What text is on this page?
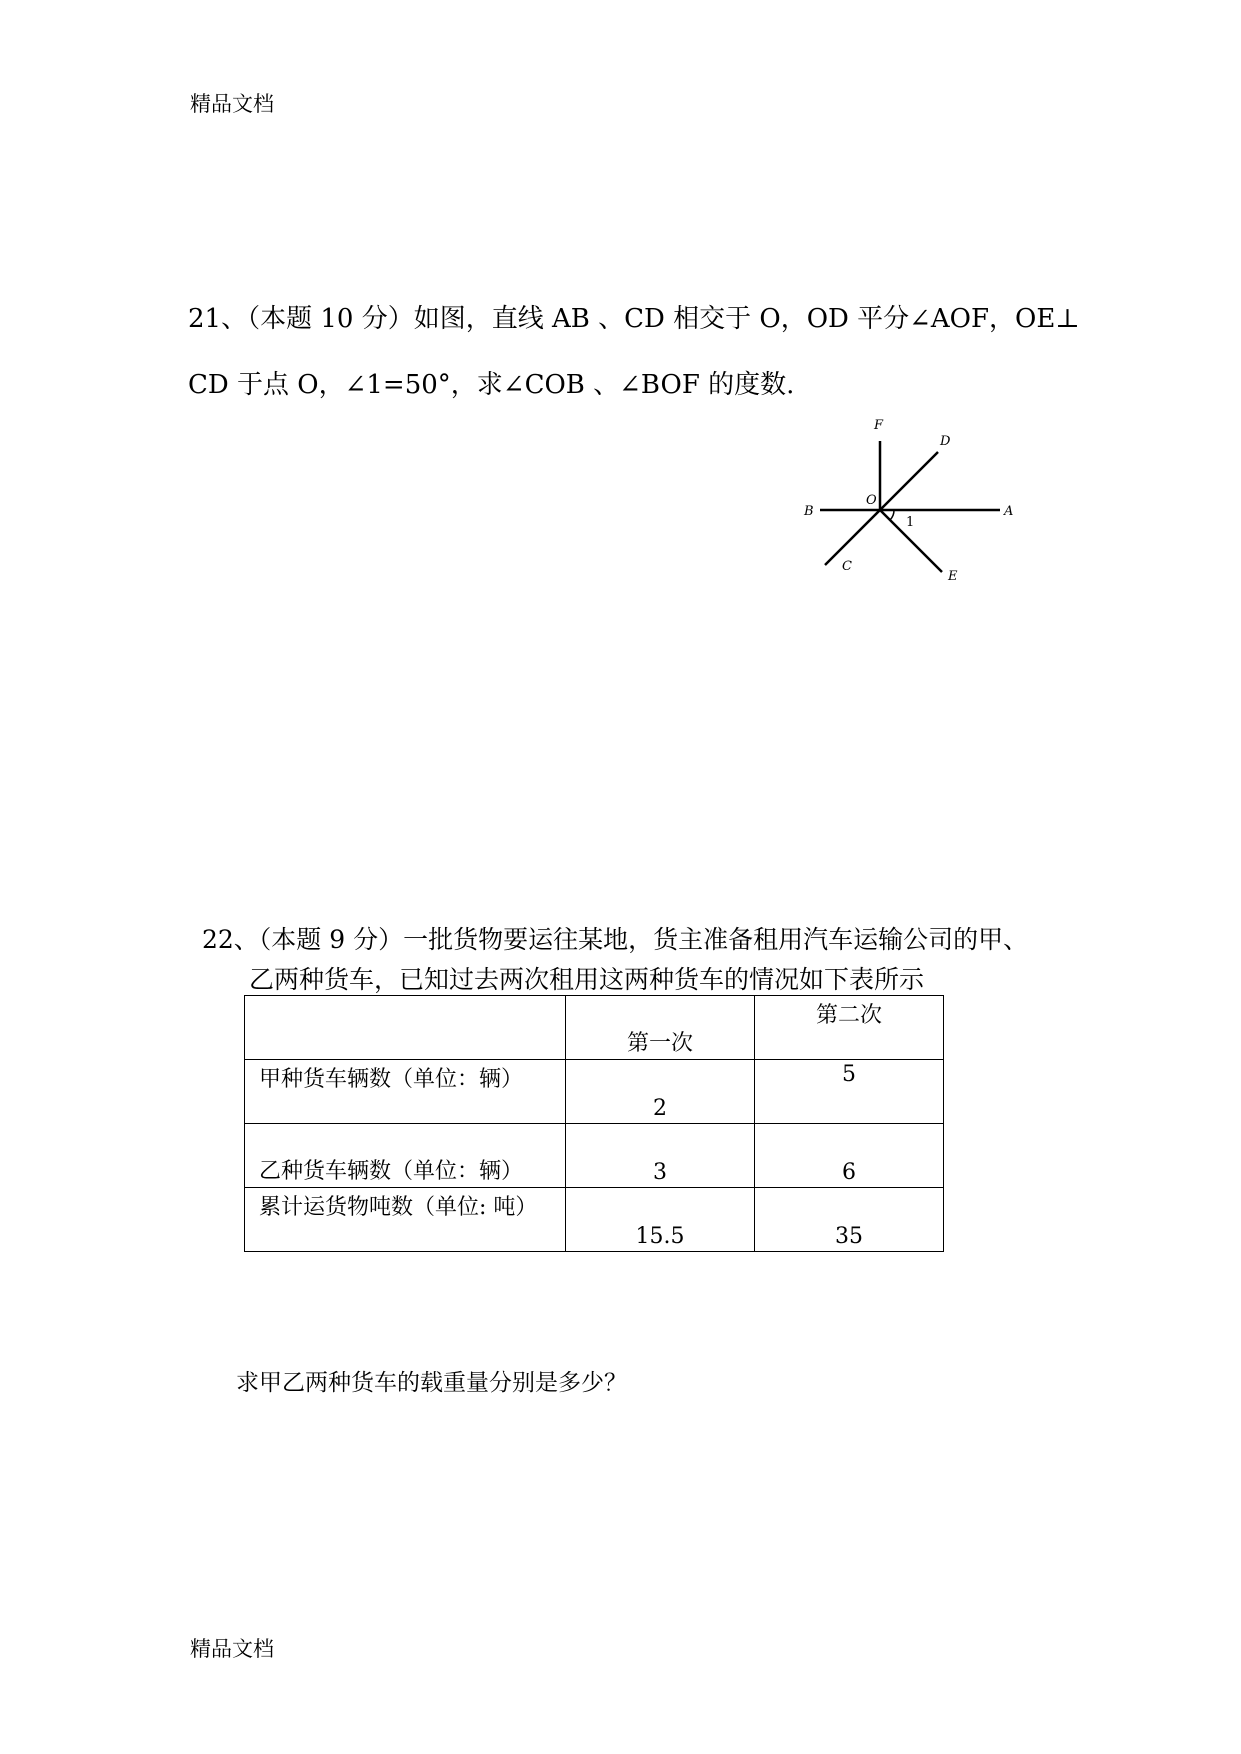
精品文档
21、（本题 10 分）如图，直线 AB 、CD 相交于 O，OD 平分∠AOF，OE⊥
CD 于点 O，∠1=50°，求∠COB 、∠BOF 的度数.
F
D
B
O
A
C
E
1
22、（本题 9 分）一批货物要运往某地，货主准备租用汽车运输公司的甲、
乙两种货车，已知过去两次租用这两种货车的情况如下表所示

	第一次	第二次

甲种货车辆数（单位：辆）	2	5

乙种货车辆数（单位：辆）	3	6

累计运货物吨数（单位: 吨）	15.5	35
求甲乙两种货车的载重量分别是多少？
精品文档
